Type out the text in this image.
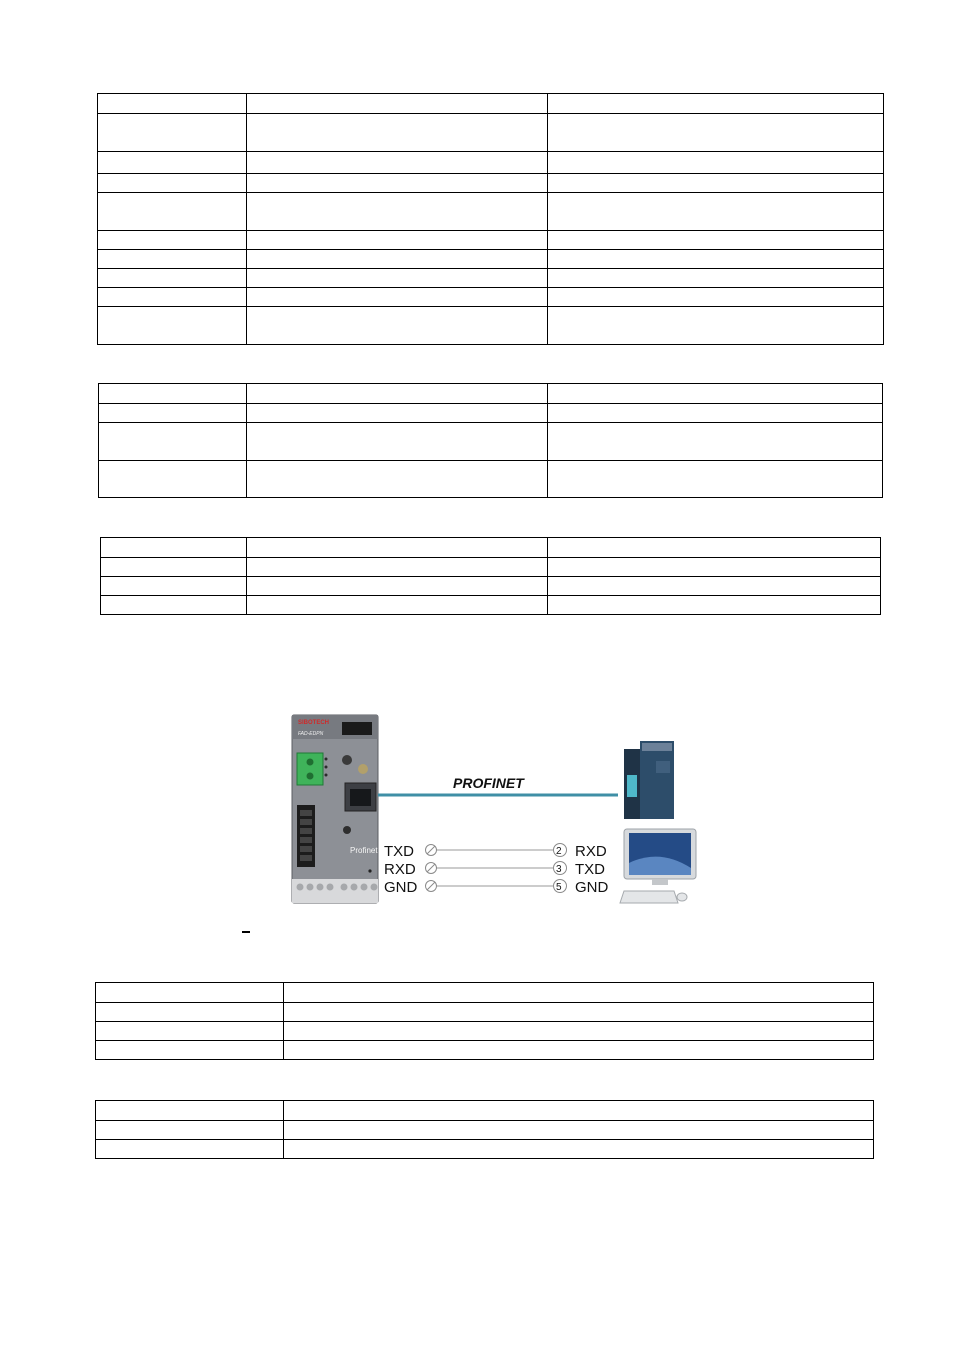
SIBOTECH
FAD-EDPN
Profinet
PROFINET
TXD	2 RXD
RXD	3 TXD
GND	5 GND
